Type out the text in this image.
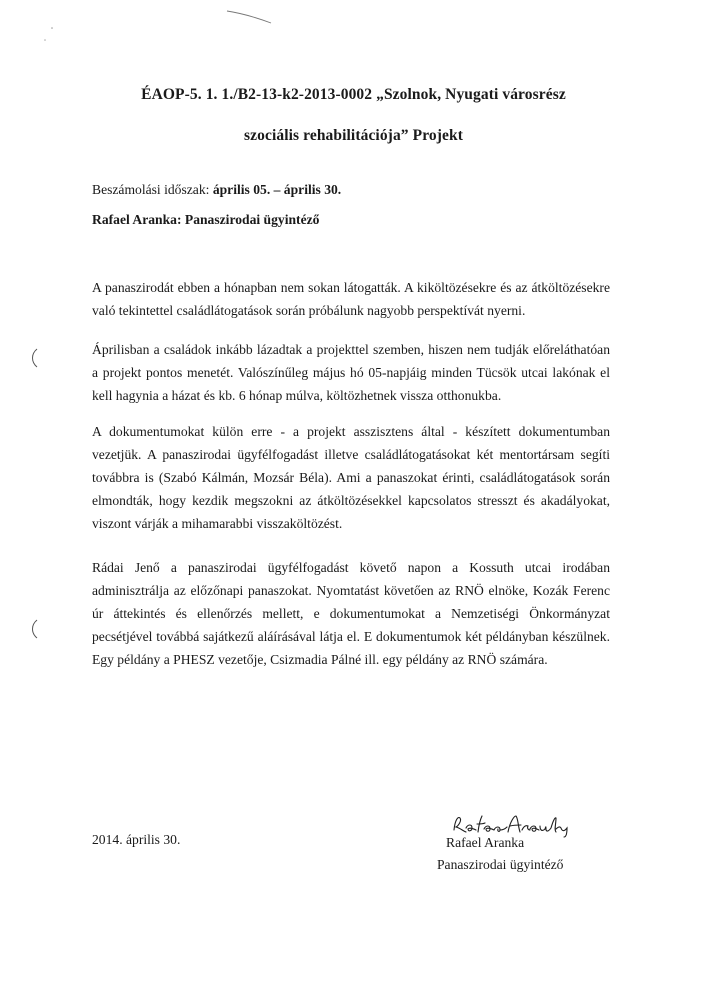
ÉAOP-5. 1. 1./B2-13-k2-2013-0002 „Szolnok, Nyugati városrész
szociális rehabilitációja” Projekt
Beszámolási időszak: április 05. – április 30.
Rafael Aranka: Panaszirodai ügyintéző
A panaszirodát ebben a hónapban nem sokan látogatták. A kiköltözésekre és az átköltözésekre
való tekintettel családlátogatások során próbálunk nagyobb perspektívát nyerni.
Áprilisban a családok inkább lázadtak a projekttel szemben, hiszen nem tudják előreláthatóan
a projekt pontos menetét. Valószínűleg május hó 05-napjáig minden Tücsök utcai lakónak el
kell hagynia a házat és kb. 6 hónap múlva, költözhetnek vissza otthonukba.
A dokumentumokat külön erre - a projekt asszisztens által - készített dokumentumban
vezetjük. A panaszirodai ügyfélfogadást illetve családlátogatásokat két mentortársam segíti
továbbra is (Szabó Kálmán, Mozsár Béla). Ami a panaszokat érinti, családlátogatások során
elmondták, hogy kezdik megszokni az átköltözésekkel kapcsolatos stresszt és akadályokat,
viszont várják a mihamarabbi visszaköltözést.
Rádai Jenő a panaszirodai ügyfélfogadást követő napon a Kossuth utcai irodában
adminisztrálja az előzőnapi panaszokat. Nyomtatást követően az RNÖ elnöke, Kozák Ferenc
úr áttekintés és ellenőrzés mellett, e dokumentumokat a Nemzetiségi Önkormányzat
pecsétjével továbbá sajátkezű aláírásával látja el. E dokumentumok két példányban készülnek.
Egy példány a PHESZ vezetője, Csizmadia Pálné ill. egy példány az RNÖ számára.
2014. április 30.	Rafael Aranka
Panaszirodai ügyintéző
